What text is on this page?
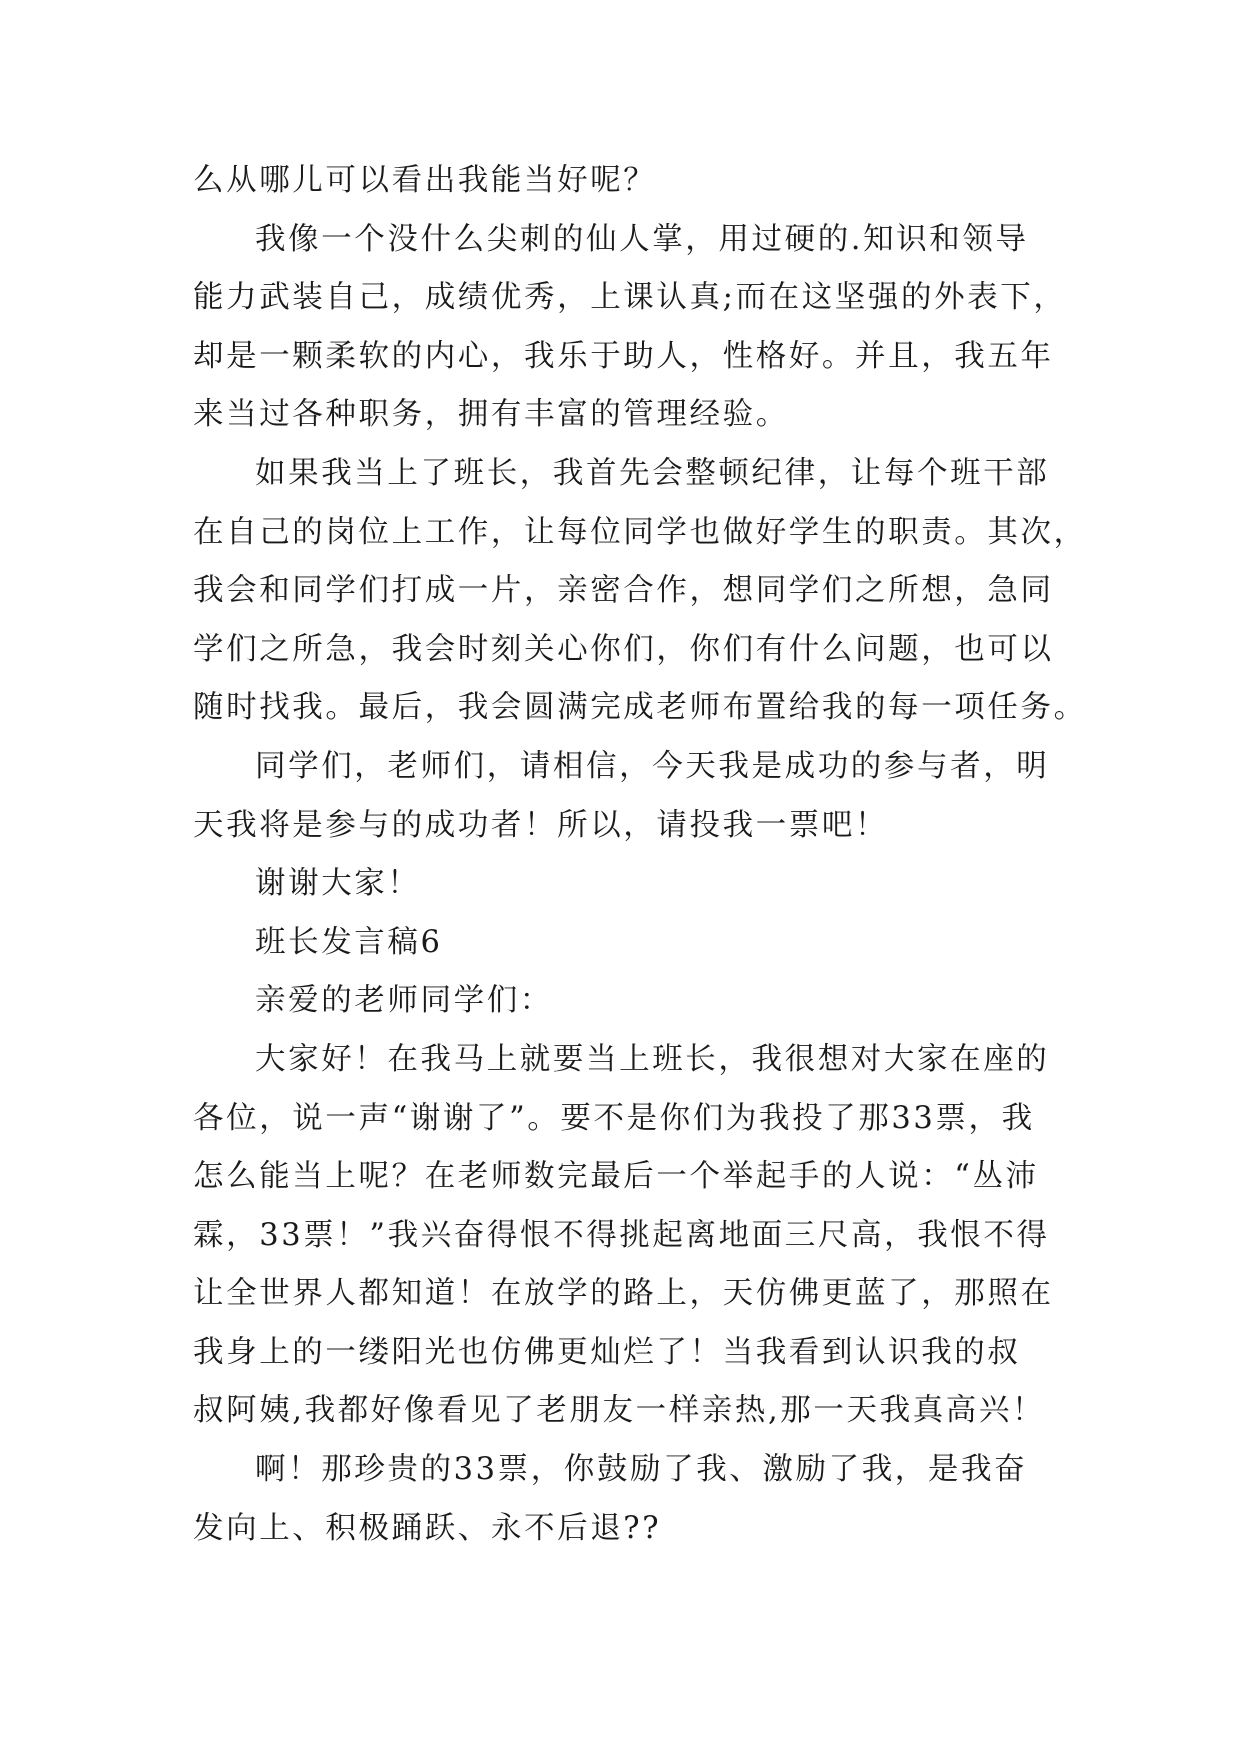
么从哪儿可以看出我能当好呢？
我像一个没什么尖刺的仙人掌，用过硬的.知识和领导
能力武装自己，成绩优秀，上课认真;而在这坚强的外表下，
却是一颗柔软的内心，我乐于助人，性格好。并且，我五年
来当过各种职务，拥有丰富的管理经验。
如果我当上了班长，我首先会整顿纪律，让每个班干部
在自己的岗位上工作，让每位同学也做好学生的职责。其次，
我会和同学们打成一片，亲密合作，想同学们之所想，急同
学们之所急，我会时刻关心你们，你们有什么问题，也可以
随时找我。最后，我会圆满完成老师布置给我的每一项任务。
同学们，老师们，请相信，今天我是成功的参与者，明
天我将是参与的成功者！所以，请投我一票吧！
谢谢大家！
班长发言稿6
亲爱的老师同学们：
大家好！在我马上就要当上班长，我很想对大家在座的
各位，说一声“谢谢了”。要不是你们为我投了那33票，我
怎么能当上呢？在老师数完最后一个举起手的人说：“丛沛
霖，33票！”我兴奋得恨不得挑起离地面三尺高，我恨不得
让全世界人都知道！在放学的路上，天仿佛更蓝了，那照在
我身上的一缕阳光也仿佛更灿烂了！当我看到认识我的叔
叔阿姨,我都好像看见了老朋友一样亲热,那一天我真高兴！
啊！那珍贵的33票，你鼓励了我、激励了我，是我奋
发向上、积极踊跃、永不后退??
